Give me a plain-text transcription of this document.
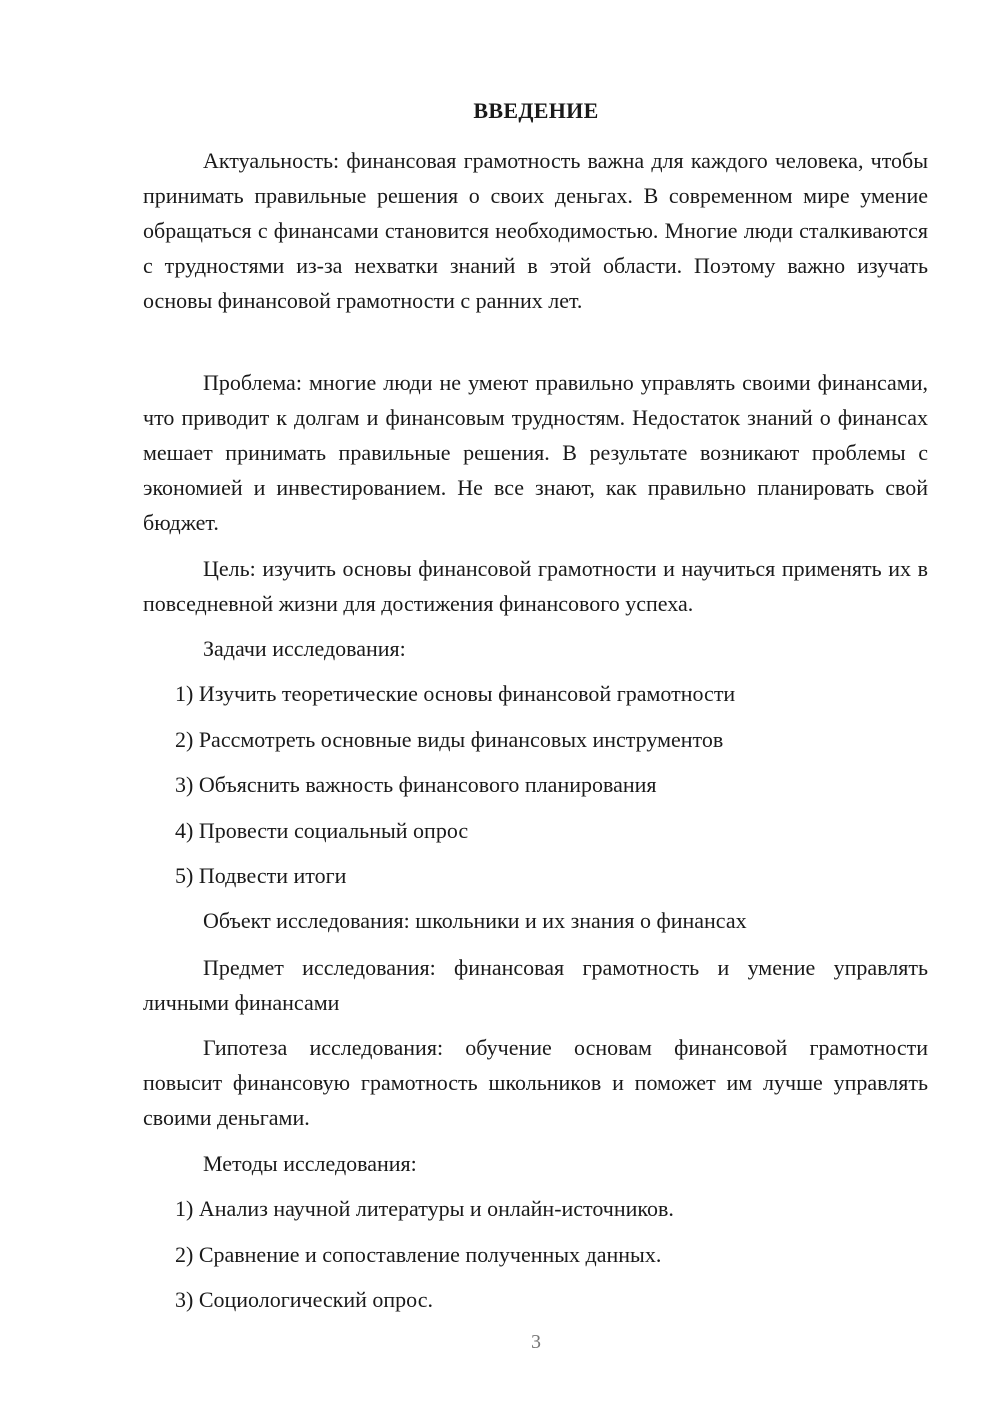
ВВЕДЕНИЕ

Актуальность: финансовая грамотность важна для каждого человека, чтобы принимать правильные решения о своих деньгах. В современном мире умение обращаться с финансами становится необходимостью. Многие люди сталкиваются с трудностями из-за нехватки знаний в этой области. Поэтому важно изучать основы финансовой грамотности с ранних лет.

Проблема: многие люди не умеют правильно управлять своими финансами, что приводит к долгам и финансовым трудностям. Недостаток знаний о финансах мешает принимать правильные решения. В результате возникают проблемы с экономией и инвестированием. Не все знают, как правильно планировать свой бюджет.

Цель: изучить основы финансовой грамотности и научиться применять их в повседневной жизни для достижения финансового успеха.

Задачи исследования:

1) Изучить теоретические основы финансовой грамотности

2) Рассмотреть основные виды финансовых инструментов

3) Объяснить важность финансового планирования

4) Провести социальный опрос

5) Подвести итоги

Объект исследования: школьники и их знания о финансах

Предмет исследования: финансовая грамотность и умение управлять личными финансами

Гипотеза исследования: обучение основам финансовой грамотности повысит финансовую грамотность школьников и поможет им лучше управлять своими деньгами.

Методы исследования:

1) Анализ научной литературы и онлайн-источников.

2) Сравнение и сопоставление полученных данных.

3) Социологический опрос.

3
